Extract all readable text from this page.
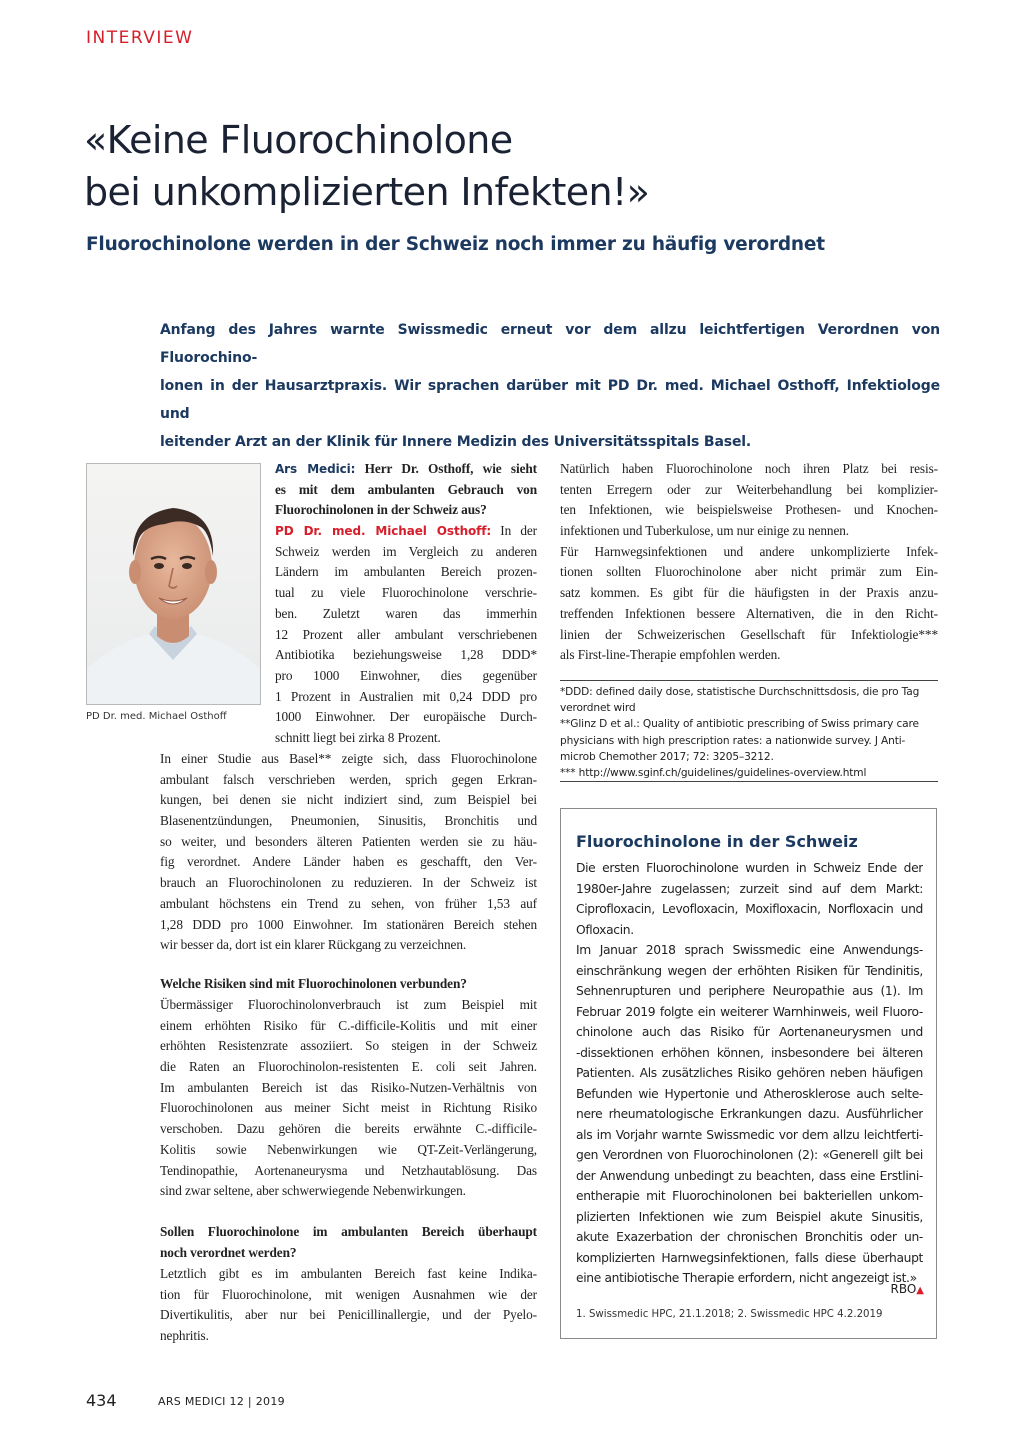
INTERVIEW
«Keine Fluorochinolone
bei unkomplizierten Infekten!»
Fluorochinolone werden in der Schweiz noch immer zu häufig verordnet
Anfang des Jahres warnte Swissmedic erneut vor dem allzu leichtfertigen Verordnen von Fluorochino-
lonen in der Hausarztpraxis. Wir sprachen darüber mit PD Dr. med. Michael Osthoff, Infektiologe und
leitender Arzt an der Klinik für Innere Medizin des Universitätsspitals Basel.
PD Dr. med. Michael Osthoff
Ars Medici: Herr Dr. Osthoff, wie sieht
es mit dem ambulanten Gebrauch von
Fluorochinolonen in der Schweiz aus?
PD Dr. med. Michael Osthoff: In der
Schweiz werden im Vergleich zu anderen
Ländern im ambulanten Bereich prozen-
tual zu viele Fluorochinolone verschrie-
ben. Zuletzt waren das immerhin
12 Prozent aller ambulant verschriebenen
Antibiotika beziehungsweise 1,28 DDD*
pro 1000 Einwohner, dies gegenüber
1 Prozent in Australien mit 0,24 DDD pro
1000 Einwohner. Der europäische Durch-
schnitt liegt bei zirka 8 Prozent.
In einer Studie aus Basel** zeigte sich, dass Fluorochinolone
ambulant falsch verschrieben werden, sprich gegen Erkran-
kungen, bei denen sie nicht indiziert sind, zum Beispiel bei
Blasenentzündungen, Pneumonien, Sinusitis, Bronchitis und
so weiter, und besonders älteren Patienten werden sie zu häu-
fig verordnet. Andere Länder haben es geschafft, den Ver-
brauch an Fluorochinolonen zu reduzieren. In der Schweiz ist
ambulant höchstens ein Trend zu sehen, von früher 1,53 auf
1,28 DDD pro 1000 Einwohner. Im stationären Bereich stehen
wir besser da, dort ist ein klarer Rückgang zu verzeichnen.
Welche Risiken sind mit Fluorochinolonen verbunden?
Übermässiger Fluorochinolonverbrauch ist zum Beispiel mit
einem erhöhten Risiko für C.-difficile-Kolitis und mit einer
erhöhten Resistenzrate assoziiert. So steigen in der Schweiz
die Raten an Fluorochinolon-resistenten E. coli seit Jahren.
Im ambulanten Bereich ist das Risiko-Nutzen-Verhältnis von
Fluorochinolonen aus meiner Sicht meist in Richtung Risiko
verschoben. Dazu gehören die bereits erwähnte C.-difficile-
Kolitis sowie Nebenwirkungen wie QT-Zeit-Verlängerung,
Tendinopathie, Aortenaneurysma und Netzhautablösung. Das
sind zwar seltene, aber schwerwiegende Nebenwirkungen.
Sollen Fluorochinolone im ambulanten Bereich überhaupt
noch verordnet werden?
Letztlich gibt es im ambulanten Bereich fast keine Indika-
tion für Fluorochinolone, mit wenigen Ausnahmen wie der
Divertikulitis, aber nur bei Penicillinallergie, und der Pyelo-
nephritis.
Natürlich haben Fluorochinolone noch ihren Platz bei resis-
tenten Erregern oder zur Weiterbehandlung bei komplizier-
ten Infektionen, wie beispielsweise Prothesen- und Knochen-
infektionen und Tuberkulose, um nur einige zu nennen.
Für Harnwegsinfektionen und andere unkomplizierte Infek-
tionen sollten Fluorochinolone aber nicht primär zum Ein-
satz kommen. Es gibt für die häufigsten in der Praxis anzu-
treffenden Infektionen bessere Alternativen, die in den Richt-
linien der Schweizerischen Gesellschaft für Infektiologie***
als First-line-Therapie empfohlen werden.
*DDD: defined daily dose, statistische Durchschnittsdosis, die pro Tag
verordnet wird
**Glinz D et al.: Quality of antibiotic prescribing of Swiss primary care
physicians with high prescription rates: a nationwide survey. J Anti-
microb Chemother 2017; 72: 3205–3212.
*** http://www.sginf.ch/guidelines/guidelines-overview.html
Fluorochinolone in der Schweiz
Die ersten Fluorochinolone wurden in Schweiz Ende der
1980er-Jahre zugelassen; zurzeit sind auf dem Markt:
Ciprofloxacin, Levofloxacin, Moxifloxacin, Norfloxacin und
Ofloxacin.
Im Januar 2018 sprach Swissmedic eine Anwendungs-
einschränkung wegen der erhöhten Risiken für Tendinitis,
Sehnenrupturen und periphere Neuropathie aus (1). Im
Februar 2019 folgte ein weiterer Warnhinweis, weil Fluoro-
chinolone auch das Risiko für Aortenaneurysmen und
-dissektionen erhöhen können, insbesondere bei älteren
Patienten. Als zusätzliches Risiko gehören neben häufigen
Befunden wie Hypertonie und Atherosklerose auch selte-
nere rheumatologische Erkrankungen dazu. Ausführlicher
als im Vorjahr warnte Swissmedic vor dem allzu leichtferti-
gen Verordnen von Fluorochinolonen (2): «Generell gilt bei
der Anwendung unbedingt zu beachten, dass eine Erstlini-
entherapie mit Fluorochinolonen bei bakteriellen unkom-
plizierten Infektionen wie zum Beispiel akute Sinusitis,
akute Exazerbation der chronischen Bronchitis oder un-
komplizierten Harnwegsinfektionen, falls diese überhaupt
eine antibiotische Therapie erfordern, nicht angezeigt ist.»
RBO▲
1. Swissmedic HPC, 21.1.2018; 2. Swissmedic HPC 4.2.2019
434	ARS MEDICI 12 | 2019
